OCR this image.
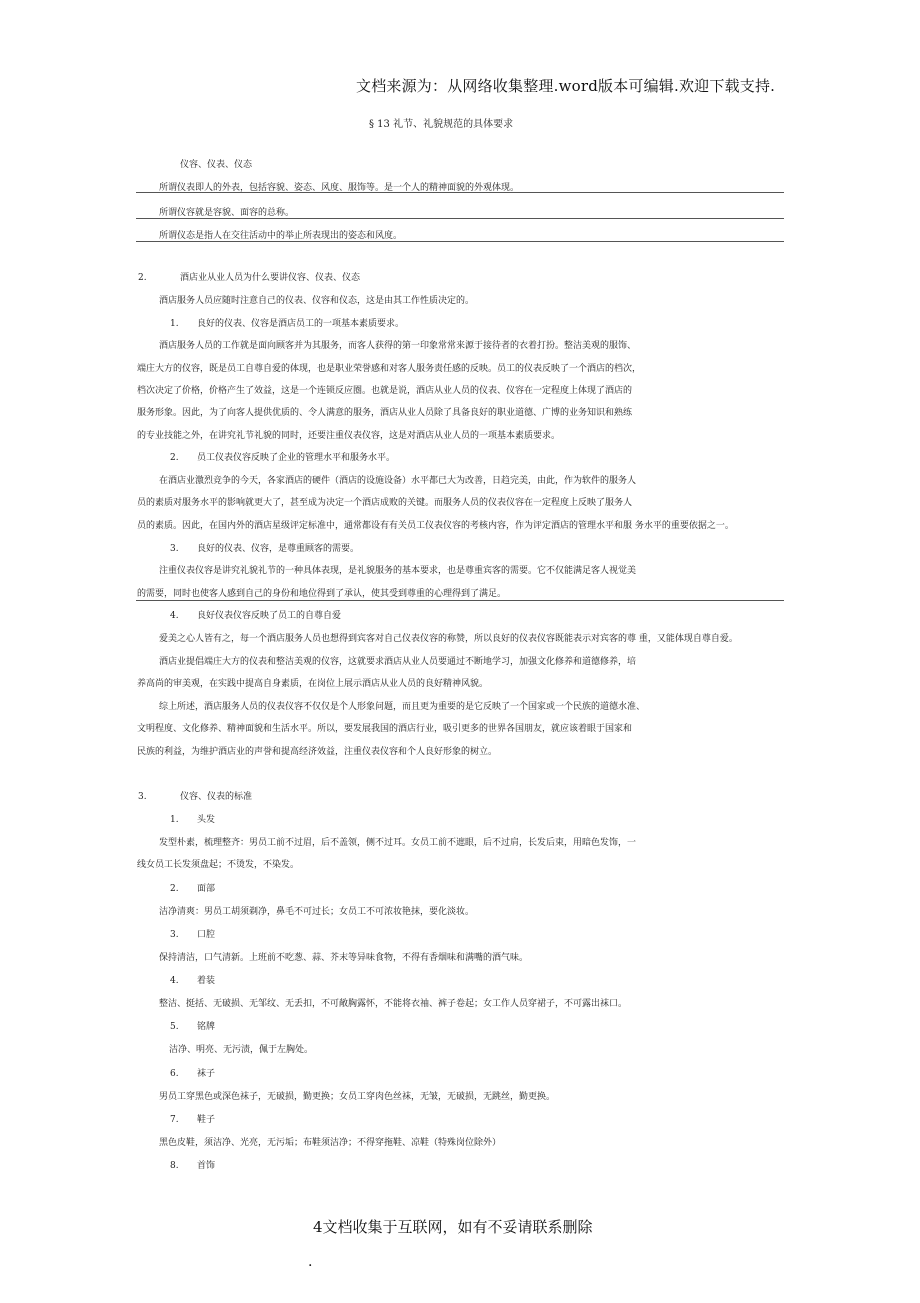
文档来源为：从网络收集整理.word版本可编辑.欢迎下载支持.
§ 13 礼节、礼貌规范的具体要求
仪容、仪表、仪态
所谓仪表即人的外表，包括容貌、姿态、风度、服饰等。是一个人的精神面貌的外观体现。
所谓仪容就是容貌、面容的总称。
所谓仪态是指人在交往活动中的举止所表现出的姿态和风度。
2.	酒店业从业人员为什么要讲仪容、仪表、仪态
酒店服务人员应随时注意自己的仪表、仪容和仪态，这是由其工作性质决定的。
1. 良好的仪表、仪容是酒店员工的一项基本素质要求。
酒店服务人员的工作就是面向顾客并为其服务，而客人获得的第一印象常常来源于接待者的衣着打扮。整洁美观的服饰、
端庄大方的仪容，既是员工自尊自爱的体现，也是职业荣誉感和对客人服务责任感的反映。员工的仪表反映了一个酒店的档次，
档次决定了价格，价格产生了效益，这是一个连锁反应圈。也就是说，酒店从业人员的仪表、仪容在一定程度上体现了酒店的
服务形象。因此，为了向客人提供优质的、令人满意的服务，酒店从业人员除了具备良好的职业道德、广博的业务知识和熟练
的专业技能之外，在讲究礼节礼貌的同时，还要注重仪表仪容，这是对酒店从业人员的一项基本素质要求。
2. 员工仪表仪容反映了企业的管理水平和服务水平。
在酒店业激烈竞争的今天，各家酒店的硬件（酒店的设施设备）水平都已大为改善，日趋完美，由此，作为软件的服务人
员的素质对服务水平的影响就更大了，甚至成为决定一个酒店成败的关键。而服务人员的仪表仪容在一定程度上反映了服务人
员的素质。因此，在国内外的酒店星级评定标准中，通常都设有有关员工仪表仪容的考核内容，作为评定酒店的管理水平和服 务水平的重要依据之一。
3. 良好的仪表、仪容，是尊重顾客的需要。
注重仪表仪容是讲究礼貌礼节的一种具体表现，是礼貌服务的基本要求，也是尊重宾客的需要。它不仅能满足客人视觉美
的需要，同时也使客人感到自己的身份和地位得到了承认，使其受到尊重的心理得到了满足。
4. 良好仪表仪容反映了员工的自尊自爱
爱美之心人皆有之，每一个酒店服务人员也想得到宾客对自己仪表仪容的称赞，所以良好的仪表仪容既能表示对宾客的尊 重，又能体现自尊自爱。
酒店业提倡端庄大方的仪表和整洁美观的仪容，这就要求酒店从业人员要通过不断地学习，加强文化修养和道德修养，培
养高尚的审美观，在实践中提高自身素质，在岗位上展示酒店从业人员的良好精神风貌。
综上所述，酒店服务人员的仪表仪容不仅仅是个人形象问题，而且更为重要的是它反映了一个国家或一个民族的道德水准、
文明程度、文化修养、精神面貌和生活水平。所以，要发展我国的酒店行业，吸引更多的世界各国朋友，就应该着眼于国家和
民族的利益，为维护酒店业的声誉和提高经济效益，注重仪表仪容和个人良好形象的树立。
3.	仪容、仪表的标准
1. 头发
发型朴素，梳理整齐：男员工前不过眉，后不盖领，侧不过耳。女员工前不遮眼，后不过肩，长发后束，用暗色发饰，一
线女员工长发须盘起；不烫发，不染发。
2. 面部
洁净清爽：男员工胡须剃净，鼻毛不可过长；女员工不可浓妆艳抹，要化淡妆。
3. 口腔
保持清洁，口气清新。上班前不吃葱、蒜、芥末等异味食物，不得有香烟味和满嘴的酒气味。
4. 着装
整洁、挺括、无破损、无邹纹、无丢扣，不可敞胸露怀，不能将衣袖、裤子卷起；女工作人员穿裙子，不可露出袜口。
5. 铭牌
洁净、明亮、无污渍，佩于左胸处。
6. 袜子
男员工穿黑色或深色袜子，无破损，勤更换；女员工穿肉色丝袜，无皱，无破损，无跳丝，勤更换。
7. 鞋子
黑色皮鞋，须洁净、光亮，无污垢；布鞋须洁净；不得穿拖鞋、凉鞋（特殊岗位除外）
8. 首饰
4文档收集于互联网，如有不妥请联系删除
.
